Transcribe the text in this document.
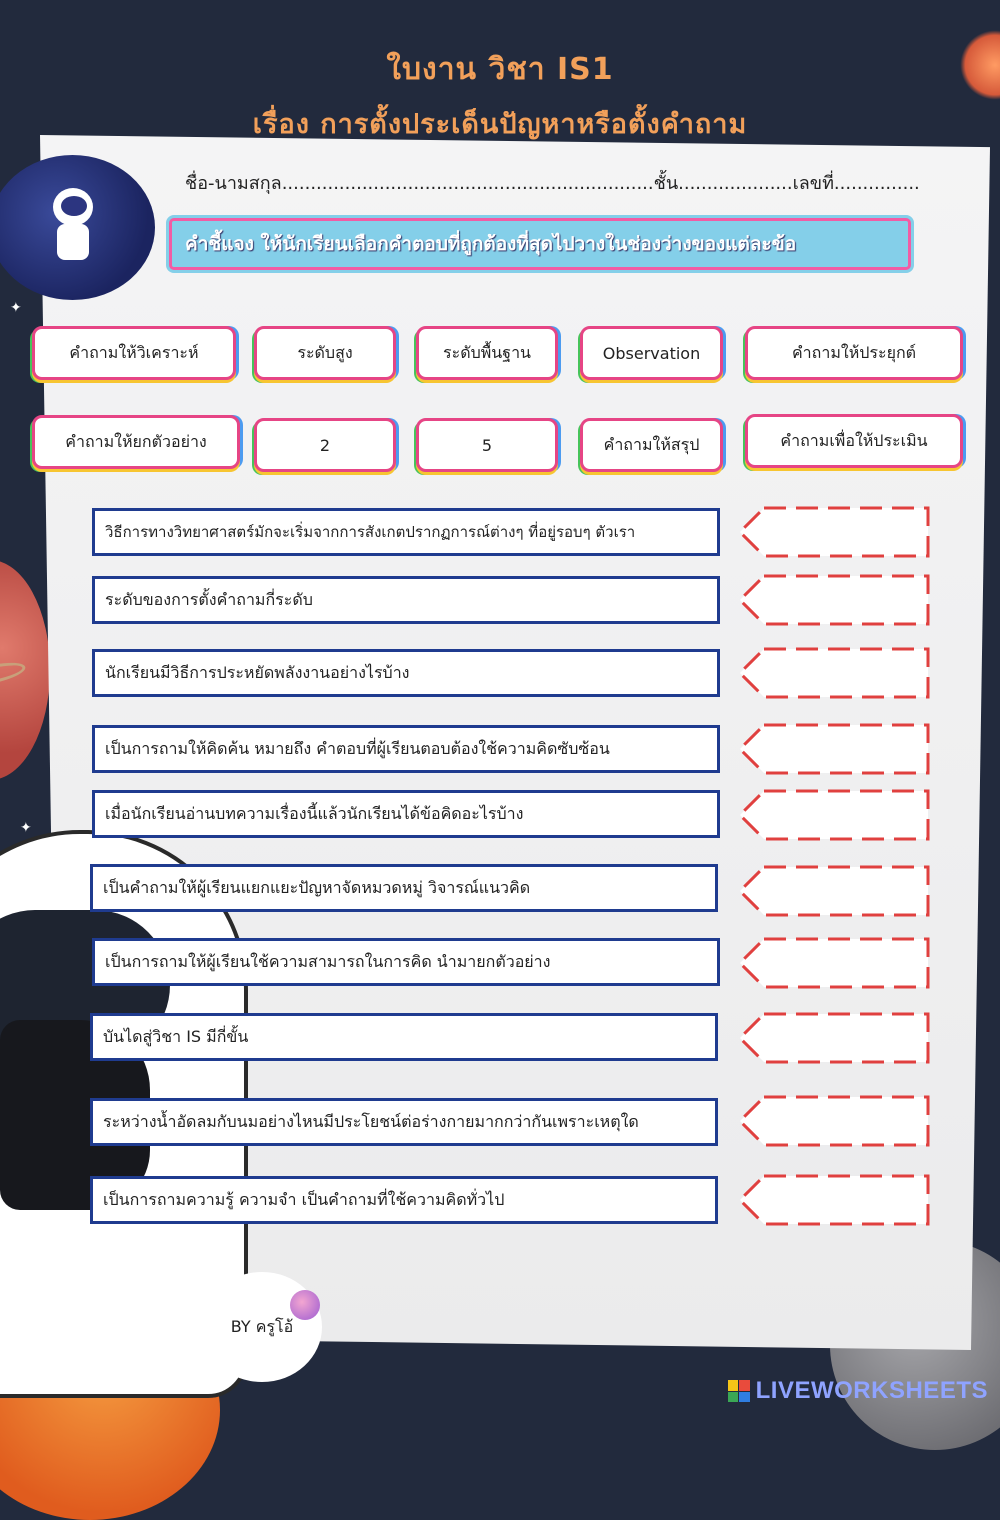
✦
✦
ใบงาน วิชา IS1
เรื่อง การตั้งประเด็นปัญหาหรือตั้งคำถาม
ชื่อ-นามสกุล.................................................................ชั้น....................เลขที่...............
คำชี้แจง ให้นักเรียนเลือกคำตอบที่ถูกต้องที่สุดไปวางในช่องว่างของแต่ละข้อ
คำถามให้วิเคราะห์	ระดับสูง	ระดับพื้นฐาน	Observation	คำถามให้ประยุกต์
คำถามให้ยกตัวอย่าง	2	5	คำถามให้สรุป	คำถามเพื่อให้ประเมิน
วิธีการทางวิทยาศาสตร์มักจะเริ่มจากการสังเกตปรากฏการณ์ต่างๆ ที่อยู่รอบๆ ตัวเรา
ระดับของการตั้งคำถามกี่ระดับ
นักเรียนมีวิธีการประหยัดพลังงานอย่างไรบ้าง
เป็นการถามให้คิดค้น หมายถึง คำตอบที่ผู้เรียนตอบต้องใช้ความคิดซับซ้อน
เมื่อนักเรียนอ่านบทความเรื่องนี้แล้วนักเรียนได้ข้อคิดอะไรบ้าง
เป็นคำถามให้ผู้เรียนแยกแยะปัญหาจัดหมวดหมู่ วิจารณ์แนวคิด
เป็นการถามให้ผู้เรียนใช้ความสามารถในการคิด นำมายกตัวอย่าง
บันไดสู่วิชา IS มีกี่ขั้น
ระหว่างน้ำอัดลมกับนมอย่างไหนมีประโยชน์ต่อร่างกายมากกว่ากันเพราะเหตุใด
เป็นการถามความรู้ ความจำ เป็นคำถามที่ใช้ความคิดทั่วไป
BY ครูโอ้
LIVEWORKSHEETS
